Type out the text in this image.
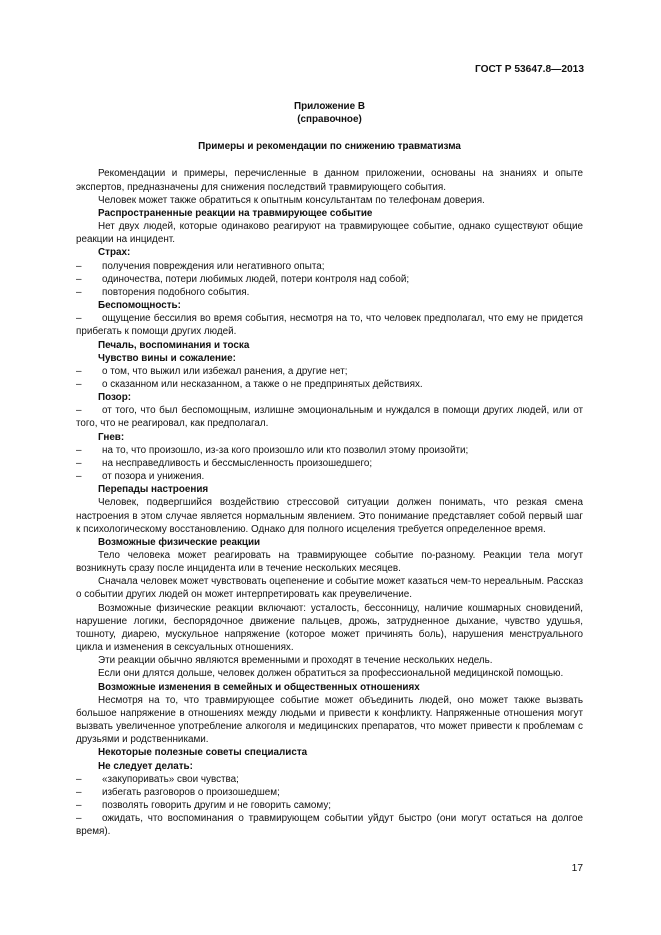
ГОСТ Р 53647.8—2013
Приложение В
(справочное)
Примеры и рекомендации по снижению травматизма

Рекомендации и примеры, перечисленные в данном приложении, основаны на знаниях и опыте экспертов, предназначены для снижения последствий травмирующего события.

Человек может также обратиться к опытным консультантам по телефонам доверия.

Распространенные реакции на травмирующее событие

Нет двух людей, которые одинаково реагируют на травмирующее событие, однако существуют общие реакции на инцидент.

Страх:
–	получения повреждения или негативного опыта;
–	одиночества, потери любимых людей, потери контроля над собой;
–	повторения подобного события.
Беспомощность:

– ощущение бессилия во время события, несмотря на то, что человек предполагал, что ему не придется прибегать к помощи других людей.

Печаль, воспоминания и тоска
Чувство вины и сожаление:
–	о том, что выжил или избежал ранения, а другие нет;
–	о сказанном или несказанном, а также о не предпринятых действиях.
Позор:

– от того, что был беспомощным, излишне эмоциональным и нуждался в помощи других людей, или от того, что не реагировал, как предполагал.

Гнев:
–	на то, что произошло, из-за кого произошло или кто позволил этому произойти;
–	на несправедливость и бессмысленность произошедшего;
–	от позора и унижения.
Перепады настроения

Человек, подвергшийся воздействию стрессовой ситуации должен понимать, что резкая смена настроения в этом случае является нормальным явлением. Это понимание представляет собой первый шаг к психологическому восстановлению. Однако для полного исцеления требуется определенное время.

Возможные физические реакции

Тело человека может реагировать на травмирующее событие по-разному. Реакции тела могут возникнуть сразу после инцидента или в течение нескольких месяцев.

Сначала человек может чувствовать оцепенение и событие может казаться чем-то нереальным. Рассказ о событии других людей он может интерпретировать как преувеличение.

Возможные физические реакции включают: усталость, бессонницу, наличие кошмарных сновидений, нарушение логики, беспорядочное движение пальцев, дрожь, затрудненное дыхание, чувство удушья, тошноту, диарею, мускульное напряжение (которое может причинять боль), нарушения менструального цикла и изменения в сексуальных отношениях.

Эти реакции обычно являются временными и проходят в течение нескольких недель.

Если они длятся дольше, человек должен обратиться за профессиональной медицинской помощью.

Возможные изменения в семейных и общественных отношениях

Несмотря на то, что травмирующее событие может объединить людей, оно может также вызвать большое напряжение в отношениях между людьми и привести к конфликту. Напряженные отношения могут вызвать увеличенное употребление алкоголя и медицинских препаратов, что может привести к проблемам с друзьями и родственниками.

Некоторые полезные советы специалиста
Не следует делать:
–	«закупоривать» свои чувства;
–	избегать разговоров о произошедшем;
–	позволять говорить другим и не говорить самому;

– ожидать, что воспоминания о травмирующем событии уйдут быстро (они могут остаться на долгое время).

17
